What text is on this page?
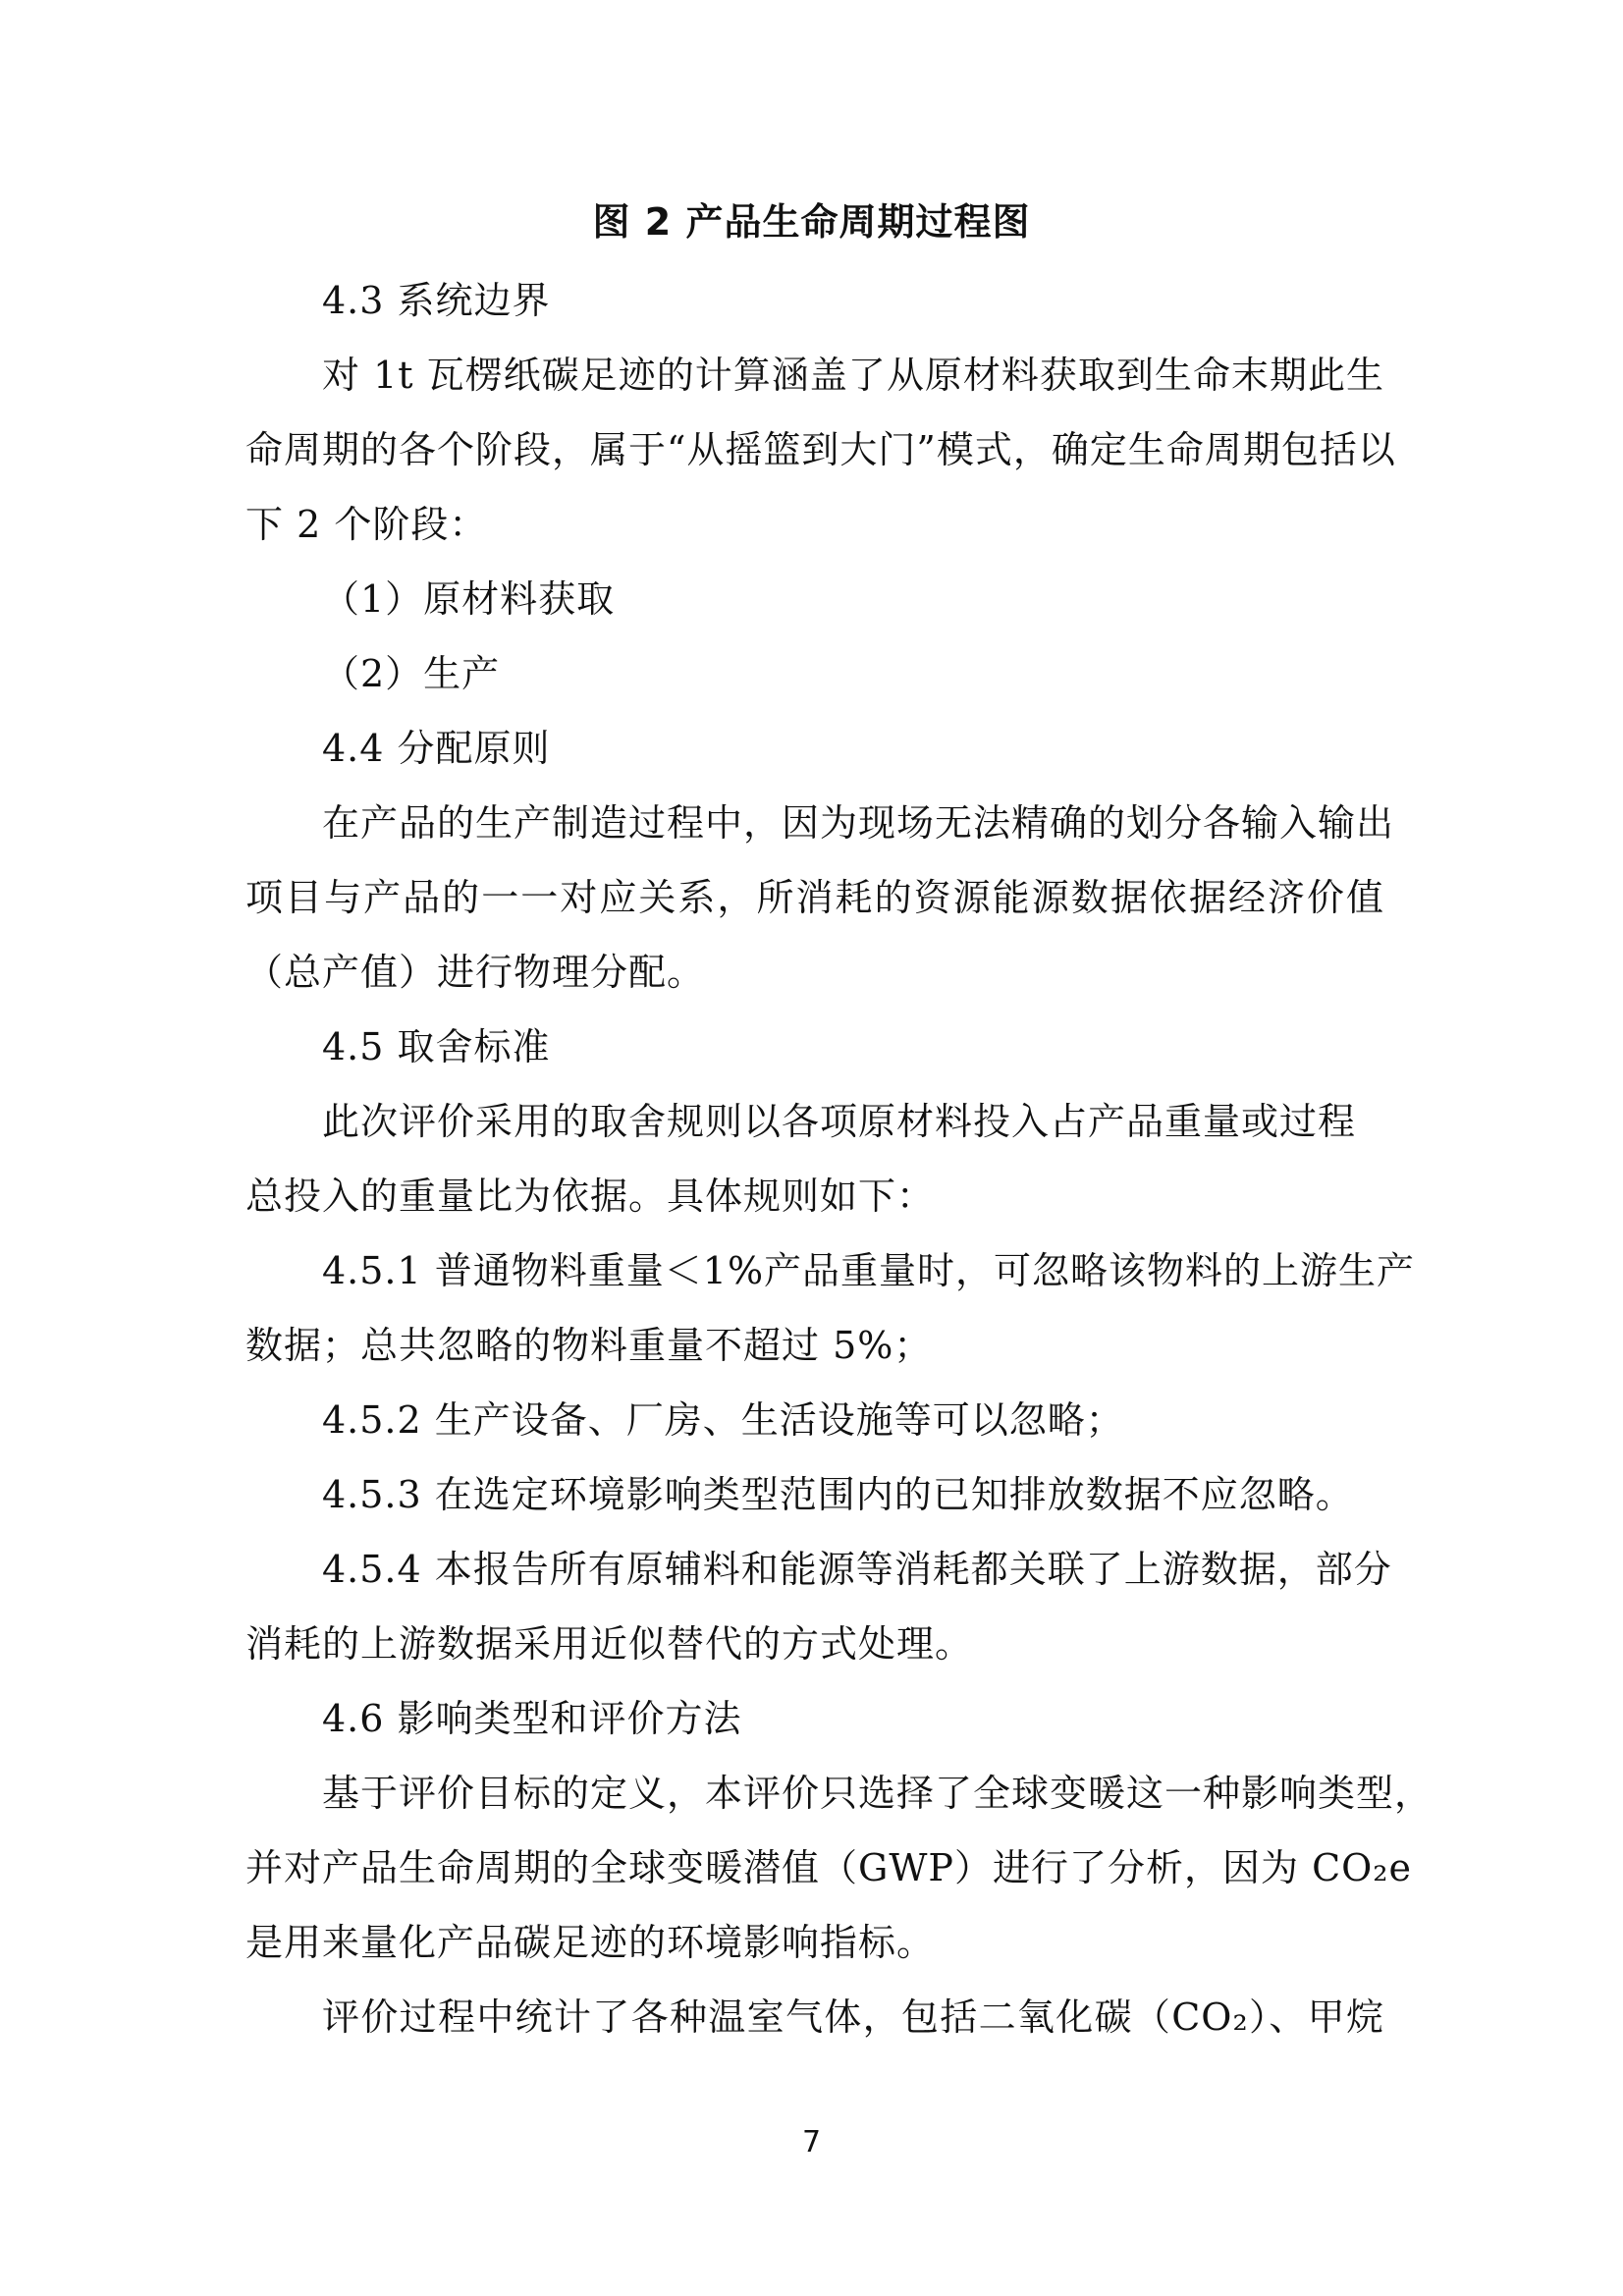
图 2 产品生命周期过程图
4.3 系统边界
对 1t 瓦楞纸碳足迹的计算涵盖了从原材料获取到生命末期此生
命周期的各个阶段，属于“从摇篮到大门”模式，确定生命周期包括以
下 2 个阶段：
（1）原材料获取
（2）生产
4.4 分配原则
在产品的生产制造过程中，因为现场无法精确的划分各输入输出
项目与产品的一一对应关系，所消耗的资源能源数据依据经济价值
（总产值）进行物理分配。
4.5 取舍标准
此次评价采用的取舍规则以各项原材料投入占产品重量或过程
总投入的重量比为依据。具体规则如下：
4.5.1 普通物料重量＜1%产品重量时，可忽略该物料的上游生产
数据；总共忽略的物料重量不超过 5%；
4.5.2 生产设备、厂房、生活设施等可以忽略；
4.5.3 在选定环境影响类型范围内的已知排放数据不应忽略。
4.5.4 本报告所有原辅料和能源等消耗都关联了上游数据，部分
消耗的上游数据采用近似替代的方式处理。
4.6 影响类型和评价方法
基于评价目标的定义，本评价只选择了全球变暖这一种影响类型，
并对产品生命周期的全球变暖潜值（GWP）进行了分析，因为 CO₂e
是用来量化产品碳足迹的环境影响指标。
评价过程中统计了各种温室气体，包括二氧化碳（CO₂）、甲烷
7
